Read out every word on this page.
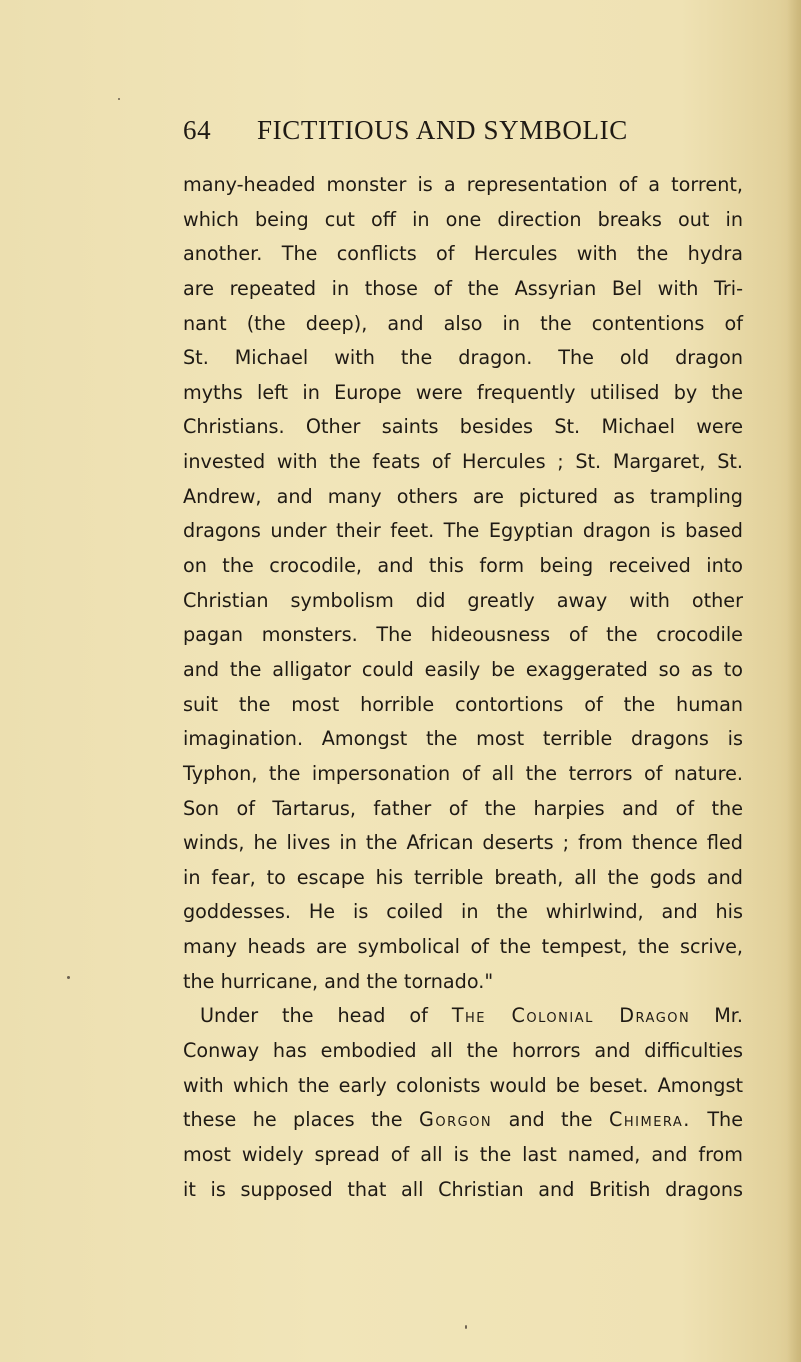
64 FICTITIOUS AND SYMBOLIC
many-headed monster is a representation of a torrent,
which being cut off in one direction breaks out in
another. The conflicts of Hercules with the hydra
are repeated in those of the Assyrian Bel with Tri-
nant (the deep), and also in the contentions of
St. Michael with the dragon. The old dragon
myths left in Europe were frequently utilised by the
Christians. Other saints besides St. Michael were
invested with the feats of Hercules ; St. Margaret, St.
Andrew, and many others are pictured as trampling
dragons under their feet. The Egyptian dragon is based
on the crocodile, and this form being received into
Christian symbolism did greatly away with other
pagan monsters. The hideousness of the crocodile
and the alligator could easily be exaggerated so as to
suit the most horrible contortions of the human
imagination. Amongst the most terrible dragons is
Typhon, the impersonation of all the terrors of nature.
Son of Tartarus, father of the harpies and of the
winds, he lives in the African deserts ; from thence fled
in fear, to escape his terrible breath, all the gods and
goddesses. He is coiled in the whirlwind, and his
many heads are symbolical of the tempest, the scrive,
the hurricane, and the tornado."
Under the head of The Colonial Dragon Mr.
Conway has embodied all the horrors and difficulties
with which the early colonists would be beset. Amongst
these he places the Gorgon and the Chimera. The
most widely spread of all is the last named, and from
it is supposed that all Christian and British dragons
